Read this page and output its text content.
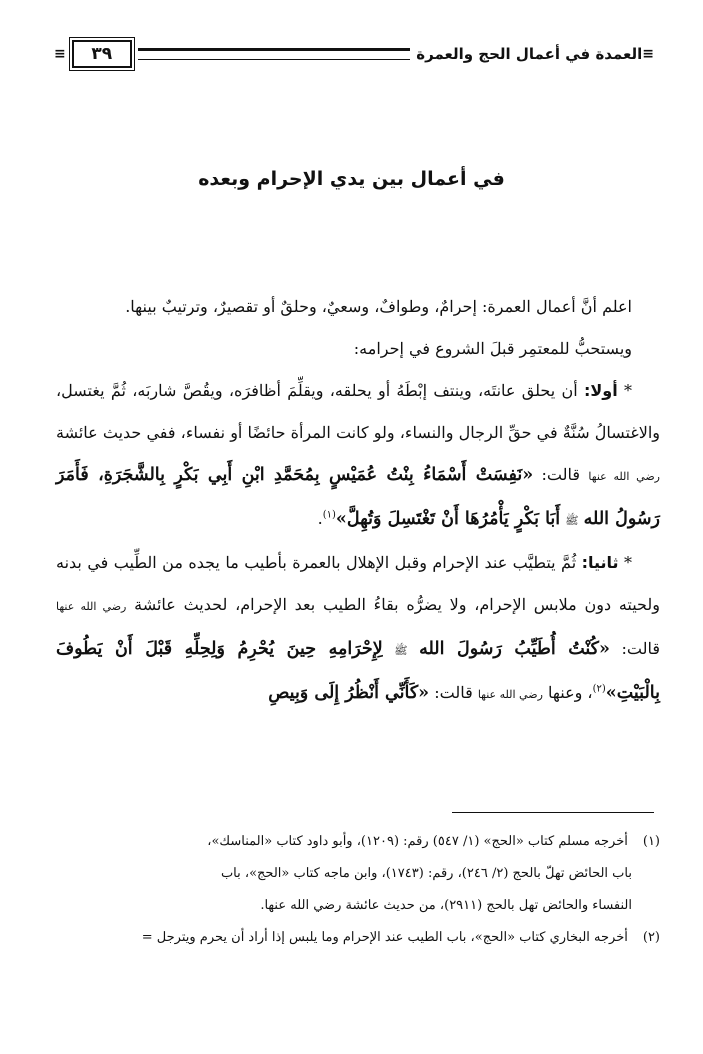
≡
العمدة في أعمال الحج والعمرة
٣٩
≡
في أعمال بين يدي الإحرام وبعده

اعلم أنَّ أعمال العمرة: إحرامٌ، وطوافٌ، وسعيٌ، وحلقٌ أو تقصيرٌ، وترتيبٌ بينها.

ويستحبُّ للمعتمِر قبلَ الشروع في إحرامه:

* أولا: أن يحلق عانتَه، وينتف إبْطَهُ أو يحلقه، ويقلِّمَ أظافرَه، ويقُصَّ شاربَه، ثُمَّ يغتسل، والاغتسالُ سُنَّةٌ في حقِّ الرجال والنساء، ولو كانت المرأة حائضًا أو نفساء، ففي حديث عائشة رضي الله عنها قالت: «نَفِسَتْ أَسْمَاءُ بِنْتُ عُمَيْسٍ بِمُحَمَّدِ ابْنِ أَبِي بَكْرٍ بِالشَّجَرَةِ، فَأَمَرَ رَسُولُ الله ﷺ أَبَا بَكْرٍ يَأْمُرُهَا أَنْ تَغْتَسِلَ وَتُهِلَّ»$^{(١)}$.

* ثانيا: ثُمَّ يتطيَّب عند الإحرام وقبل الإهلال بالعمرة بأطيب ما يجده من الطِّيب في بدنه ولحيته دون ملابس الإحرام، ولا يضرُّه بقاءُ الطيب بعد الإحرام، لحديث عائشة رضي الله عنها قالت: «كُنْتُ أُطَيِّبُ رَسُولَ الله ﷺ لِإِحْرَامِهِ حِينَ يُحْرِمُ وَلِحِلِّهِ قَبْلَ أَنْ يَطُوفَ بِالْبَيْتِ»$^{(٢)}$، وعنها رضي الله عنها قالت: «كَأَنِّي أَنْظُرُ إِلَى وَبِيصِ

(١) أخرجه مسلم كتاب «الحج» (١/ ٥٤٧) رقم: (١٢٠٩)، وأبو داود كتاب «المناسك»،

باب الحائض تهلّ بالحج (٢/ ٢٤٦)، رقم: (١٧٤٣)، وابن ماجه كتاب «الحج»، باب

النفساء والحائض تهل بالحج (٢٩١١)، من حديث عائشة رضي الله عنها.

(٢) أخرجه البخاري كتاب «الحج»، باب الطيب عند الإحرام وما يلبس إذا أراد أن يحرم ويترجل =
